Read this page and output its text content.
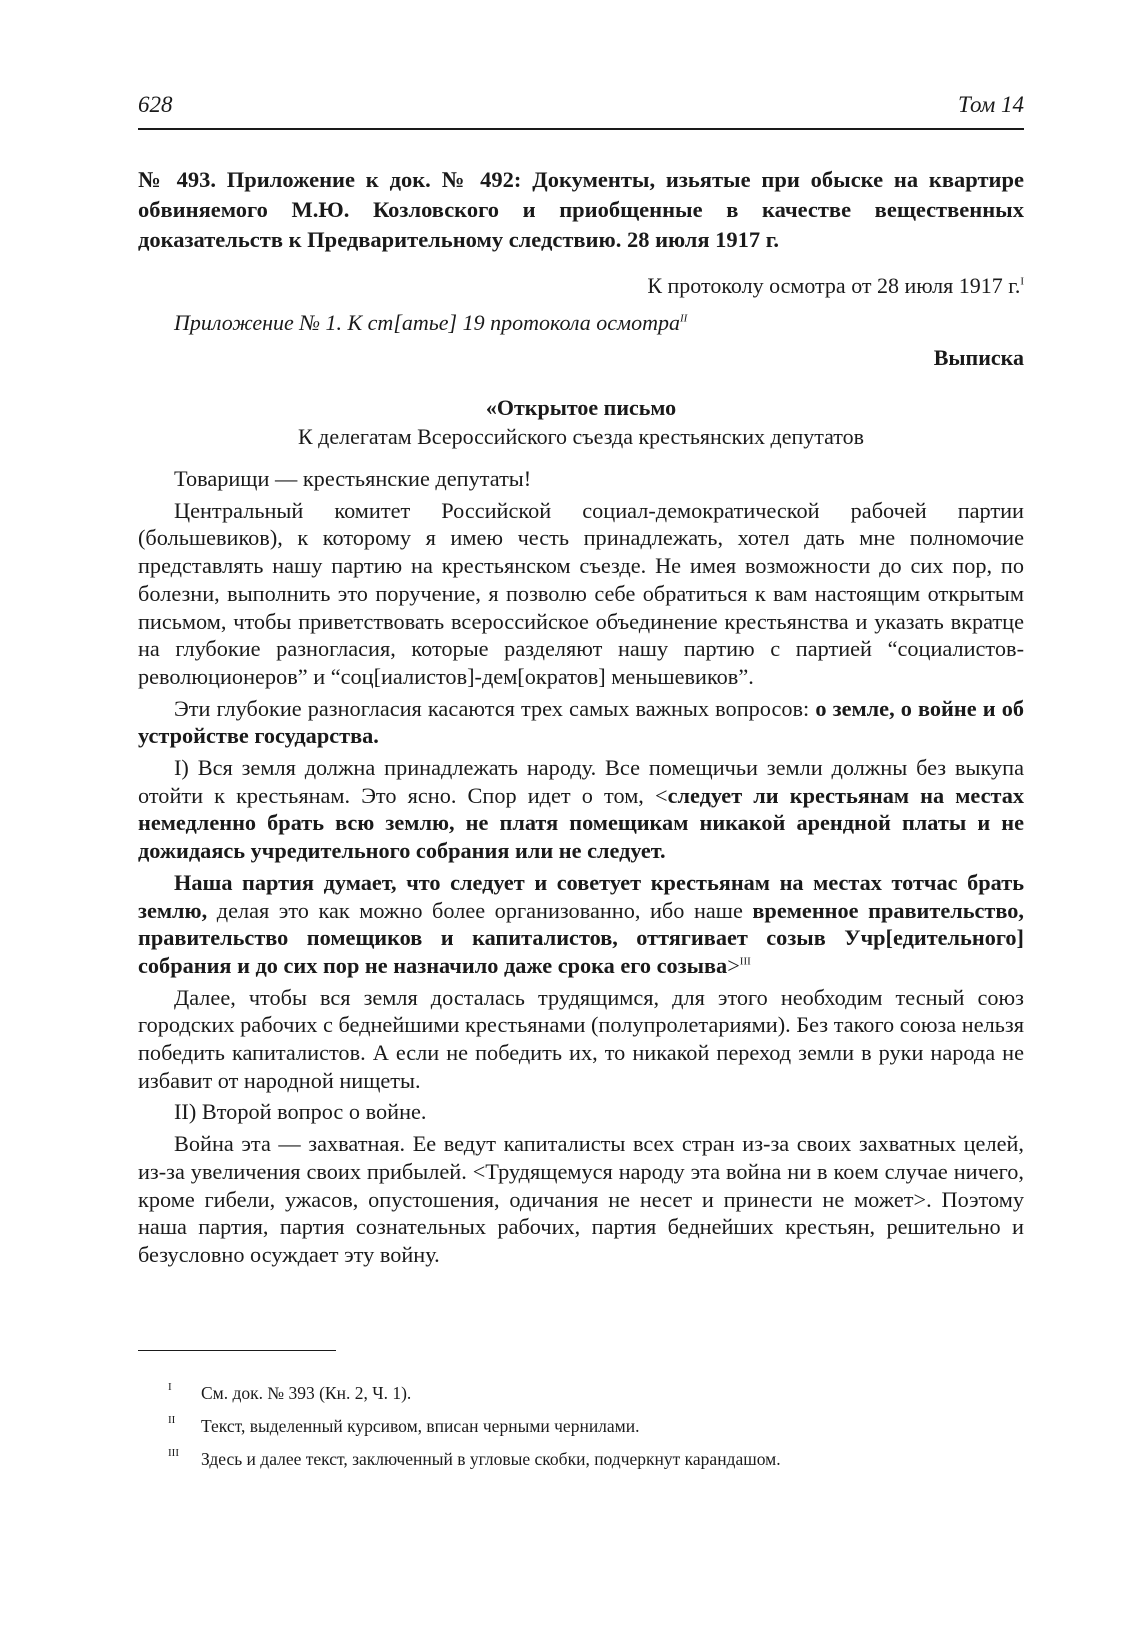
628	Том 14
№ 493. Приложение к док. № 492: Документы, изьятые при обыске на квартире обвиняемого М.Ю. Козловского и приобщенные в качестве вещественных доказательств к Предварительному следствию. 28 июля 1917 г.
К протоколу осмотра от 28 июля 1917 г.$^I$
Приложение № 1. К ст[атье] 19 протокола осмотра$^{II}$
Выписка
«Открытое письмо
К делегатам Всероссийского съезда крестьянских депутатов

Товарищи — крестьянские депутаты!

Центральный комитет Российской социал-демократической рабочей партии (большевиков), к которому я имею честь принадлежать, хотел дать мне полномочие представлять нашу партию на крестьянском съезде. Не имея возможности до сих пор, по болезни, выполнить это поручение, я позволю себе обратиться к вам настоящим открытым письмом, чтобы приветствовать всероссийское объединение крестьянства и указать вкратце на глубокие разногласия, которые разделяют нашу партию с партией “социалистов-революционеров” и “соц[иалистов]-дем[ократов] меньшевиков”.

Эти глубокие разногласия касаются трех самых важных вопросов: о земле, о войне и об устройстве государства.

I) Вся земля должна принадлежать народу. Все помещичьи земли должны без выкупа отойти к крестьянам. Это ясно. Спор идет о том, <следует ли крестьянам на местах немедленно брать всю землю, не платя помещикам никакой арендной платы и не дожидаясь учредительного собрания или не следует.

Наша партия думает, что следует и советует крестьянам на местах тотчас брать землю, делая это как можно более организованно, ибо наше временное правительство, правительство помещиков и капиталистов, оттягивает созыв Учр[едительного] собрания и до сих пор не назначило даже срока его созыва>$^{III}$

Далее, чтобы вся земля досталась трудящимся, для этого необходим тесный союз городских рабочих с беднейшими крестьянами (полупролетариями). Без такого союза нельзя победить капиталистов. А если не победить их, то никакой переход земли в руки народа не избавит от народной нищеты.

II) Второй вопрос о войне.

Война эта — захватная. Ее ведут капиталисты всех стран из-за своих захватных целей, из-за увеличения своих прибылей. <Трудящемуся народу эта война ни в коем случае ничего, кроме гибели, ужасов, опустошения, одичания не несет и принести не может>. Поэтому наша партия, партия сознательных рабочих, партия беднейших крестьян, решительно и безусловно осуждает эту войну.

I См. док. № 393 (Кн. 2, Ч. 1).
II Текст, выделенный курсивом, вписан черными чернилами.
III Здесь и далее текст, заключенный в угловые скобки, подчеркнут карандашом.
